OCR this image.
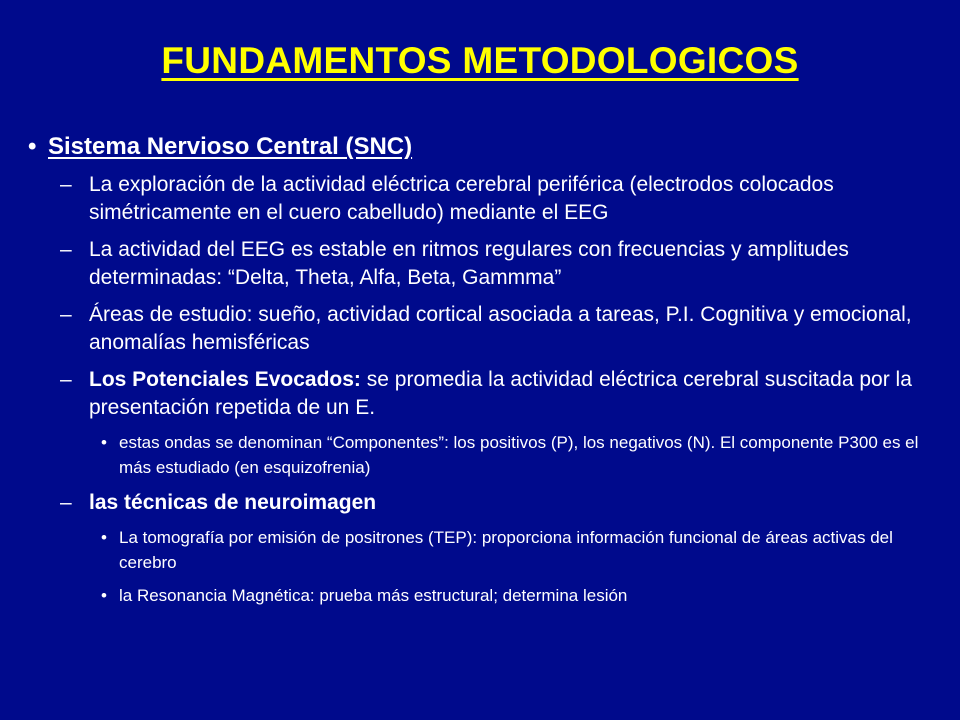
FUNDAMENTOS METODOLOGICOS
• Sistema Nervioso Central (SNC)
– La exploración de la actividad eléctrica cerebral periférica (electrodos colocados simétricamente en el cuero cabelludo) mediante el EEG
– La actividad del EEG es estable en ritmos regulares con frecuencias y amplitudes determinadas: “Delta, Theta, Alfa, Beta, Gammma”
– Áreas de estudio: sueño, actividad cortical asociada a tareas, P.I. Cognitiva y emocional, anomalías hemisféricas
– Los Potenciales Evocados: se promedia la actividad eléctrica cerebral suscitada por la presentación repetida de un E.
• estas ondas se denominan “Componentes”: los positivos (P), los negativos (N). El componente P300 es el más estudiado (en esquizofrenia)
– las técnicas de neuroimagen
• La tomografía por emisión de positrones (TEP): proporciona información funcional de áreas activas del cerebro
• la Resonancia Magnética: prueba más estructural; determina lesión
